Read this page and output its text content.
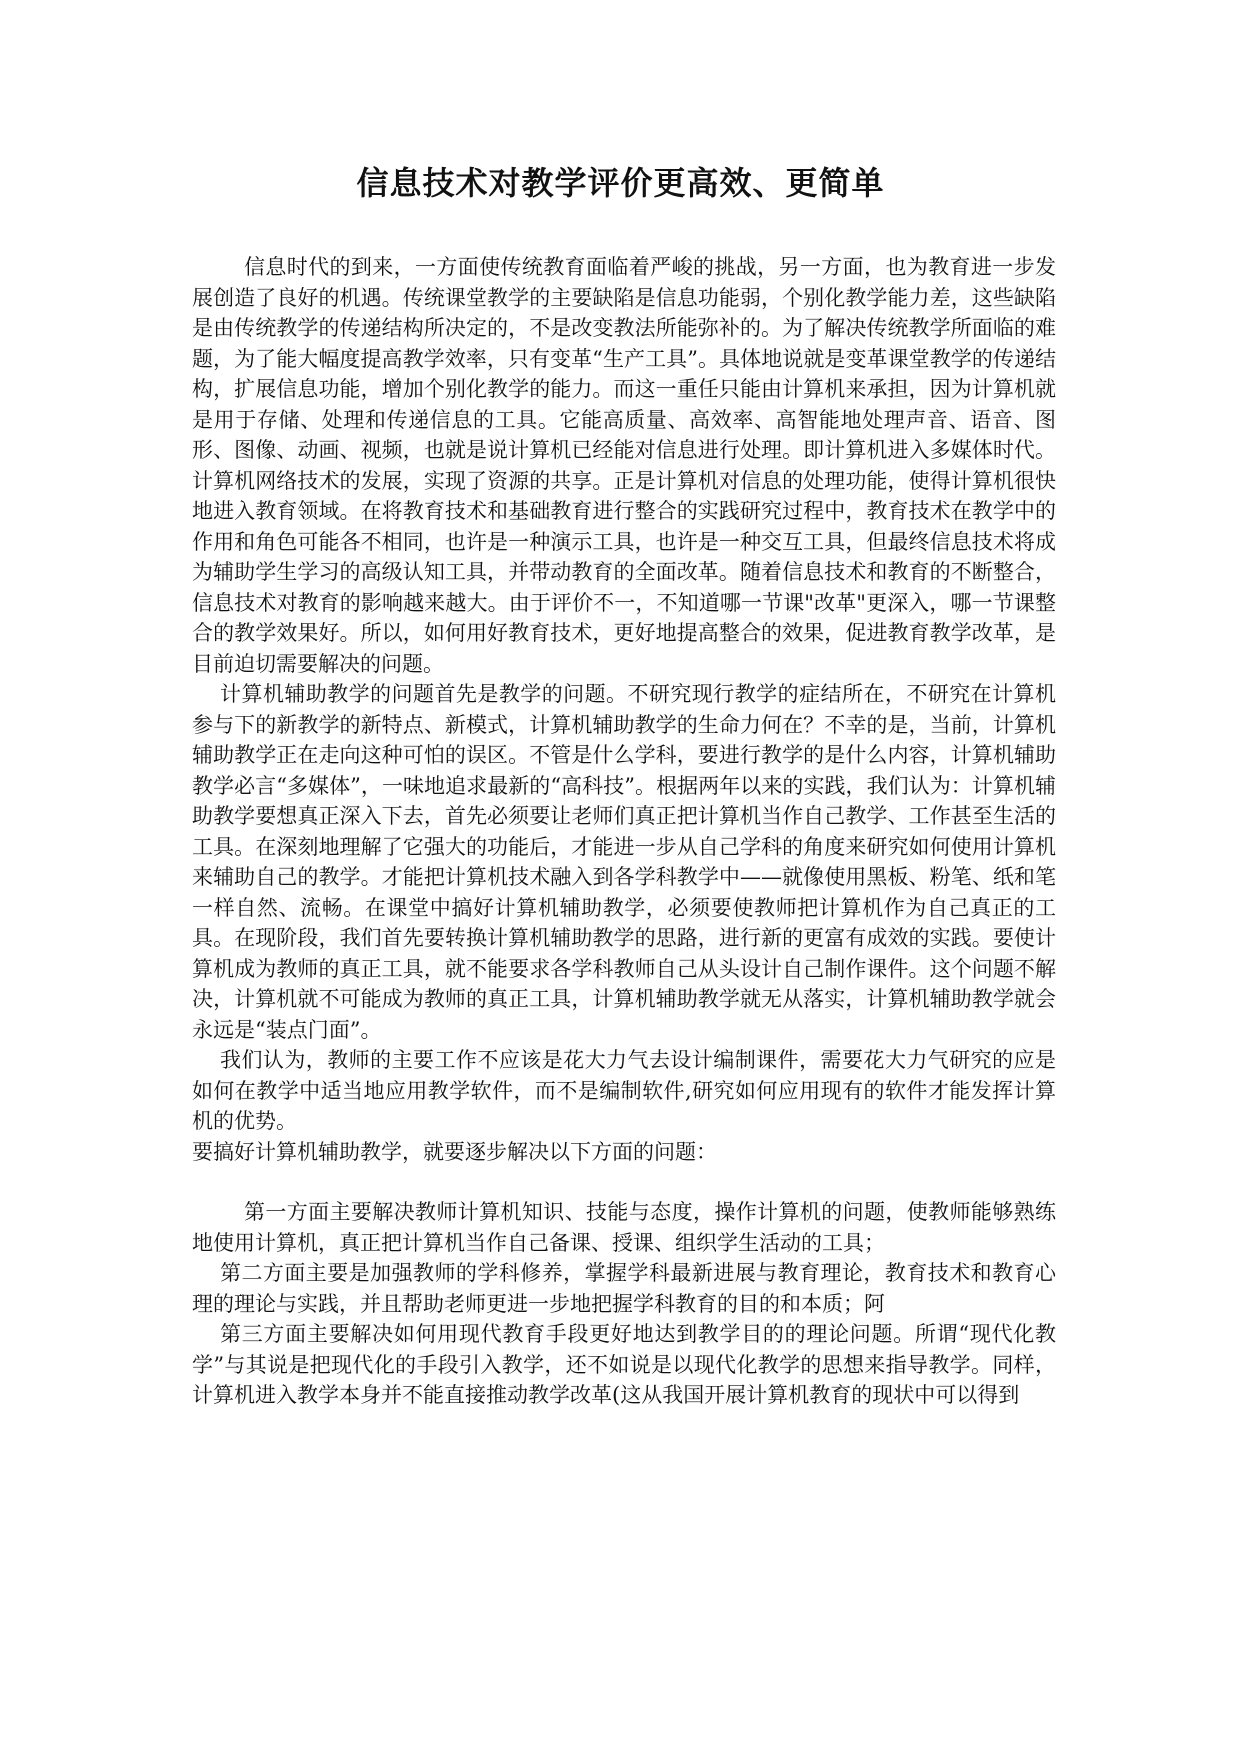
信息技术对教学评价更高效、更简单

信息时代的到来，一方面使传统教育面临着严峻的挑战，另一方面，也为教育进一步发展创造了良好的机遇。传统课堂教学的主要缺陷是信息功能弱，个别化教学能力差，这些缺陷是由传统教学的传递结构所决定的，不是改变教法所能弥补的。为了解决传统教学所面临的难题，为了能大幅度提高教学效率，只有变革“生产工具”。具体地说就是变革课堂教学的传递结构，扩展信息功能，增加个别化教学的能力。而这一重任只能由计算机来承担，因为计算机就是用于存储、处理和传递信息的工具。它能高质量、高效率、高智能地处理声音、语音、图形、图像、动画、视频，也就是说计算机已经能对信息进行处理。即计算机进入多媒体时代。计算机网络技术的发展，实现了资源的共享。正是计算机对信息的处理功能，使得计算机很快地进入教育领域。在将教育技术和基础教育进行整合的实践研究过程中，教育技术在教学中的作用和角色可能各不相同，也许是一种演示工具，也许是一种交互工具，但最终信息技术将成为辅助学生学习的高级认知工具，并带动教育的全面改革。随着信息技术和教育的不断整合，信息技术对教育的影响越来越大。由于评价不一，不知道哪一节课"改革"更深入，哪一节课整合的教学效果好。所以，如何用好教育技术，更好地提高整合的效果，促进教育教学改革，是目前迫切需要解决的问题。

计算机辅助教学的问题首先是教学的问题。不研究现行教学的症结所在，不研究在计算机参与下的新教学的新特点、新模式，计算机辅助教学的生命力何在？不幸的是，当前，计算机辅助教学正在走向这种可怕的误区。不管是什么学科，要进行教学的是什么内容，计算机辅助教学必言“多媒体”，一味地追求最新的“高科技”。根据两年以来的实践，我们认为：计算机辅助教学要想真正深入下去，首先必须要让老师们真正把计算机当作自己教学、工作甚至生活的工具。在深刻地理解了它强大的功能后，才能进一步从自己学科的角度来研究如何使用计算机来辅助自己的教学。才能把计算机技术融入到各学科教学中——就像使用黑板、粉笔、纸和笔一样自然、流畅。在课堂中搞好计算机辅助教学，必须要使教师把计算机作为自己真正的工具。在现阶段，我们首先要转换计算机辅助教学的思路，进行新的更富有成效的实践。要使计算机成为教师的真正工具，就不能要求各学科教师自己从头设计自己制作课件。这个问题不解决，计算机就不可能成为教师的真正工具，计算机辅助教学就无从落实，计算机辅助教学就会永远是“装点门面”。

我们认为，教师的主要工作不应该是花大力气去设计编制课件，需要花大力气研究的应是如何在教学中适当地应用教学软件，而不是编制软件,研究如何应用现有的软件才能发挥计算机的优势。

要搞好计算机辅助教学，就要逐步解决以下方面的问题：

第一方面主要解决教师计算机知识、技能与态度，操作计算机的问题，使教师能够熟练地使用计算机，真正把计算机当作自己备课、授课、组织学生活动的工具；

第二方面主要是加强教师的学科修养，掌握学科最新进展与教育理论，教育技术和教育心理的理论与实践，并且帮助老师更进一步地把握学科教育的目的和本质；阿

第三方面主要解决如何用现代教育手段更好地达到教学目的的理论问题。所谓“现代化教学”与其说是把现代化的手段引入教学，还不如说是以现代化教学的思想来指导教学。同样，计算机进入教学本身并不能直接推动教学改革(这从我国开展计算机教育的现状中可以得到
